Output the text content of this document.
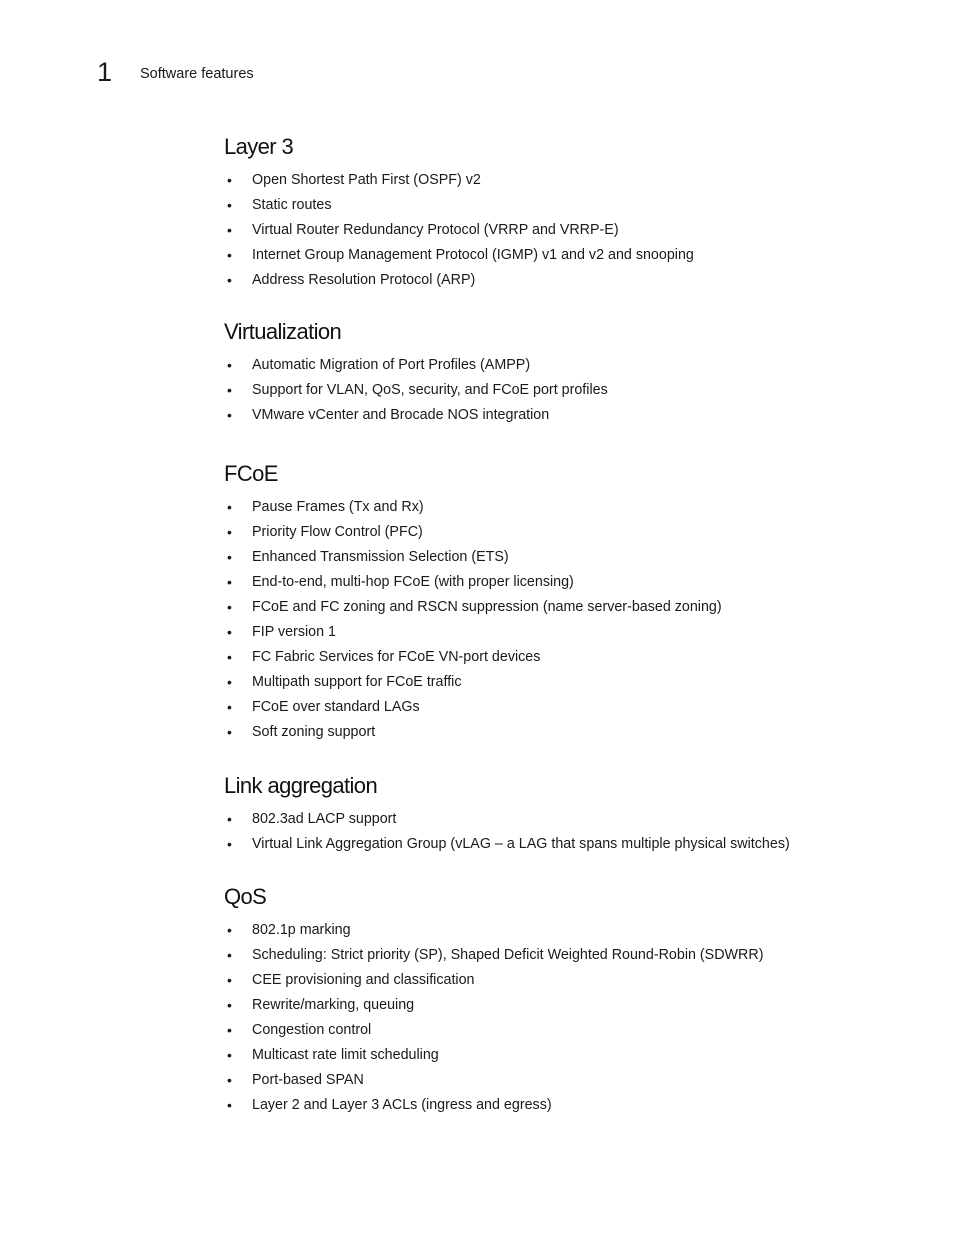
1	Software features
Layer 3
• Open Shortest Path First (OSPF) v2
• Static routes
• Virtual Router Redundancy Protocol (VRRP and VRRP-E)
• Internet Group Management Protocol (IGMP) v1 and v2 and snooping
• Address Resolution Protocol (ARP)
Virtualization
• Automatic Migration of Port Profiles (AMPP)
• Support for VLAN, QoS, security, and FCoE port profiles
• VMware vCenter and Brocade NOS integration
FCoE
• Pause Frames (Tx and Rx)
• Priority Flow Control (PFC)
• Enhanced Transmission Selection (ETS)
• End-to-end, multi-hop FCoE (with proper licensing)
• FCoE and FC zoning and RSCN suppression (name server-based zoning)
• FIP version 1
• FC Fabric Services for FCoE VN-port devices
• Multipath support for FCoE traffic
• FCoE over standard LAGs
• Soft zoning support
Link aggregation
• 802.3ad LACP support
• Virtual Link Aggregation Group (vLAG – a LAG that spans multiple physical switches)
QoS
• 802.1p marking
• Scheduling: Strict priority (SP), Shaped Deficit Weighted Round-Robin (SDWRR)
• CEE provisioning and classification
• Rewrite/marking, queuing
• Congestion control
• Multicast rate limit scheduling
• Port-based SPAN
• Layer 2 and Layer 3 ACLs (ingress and egress)
